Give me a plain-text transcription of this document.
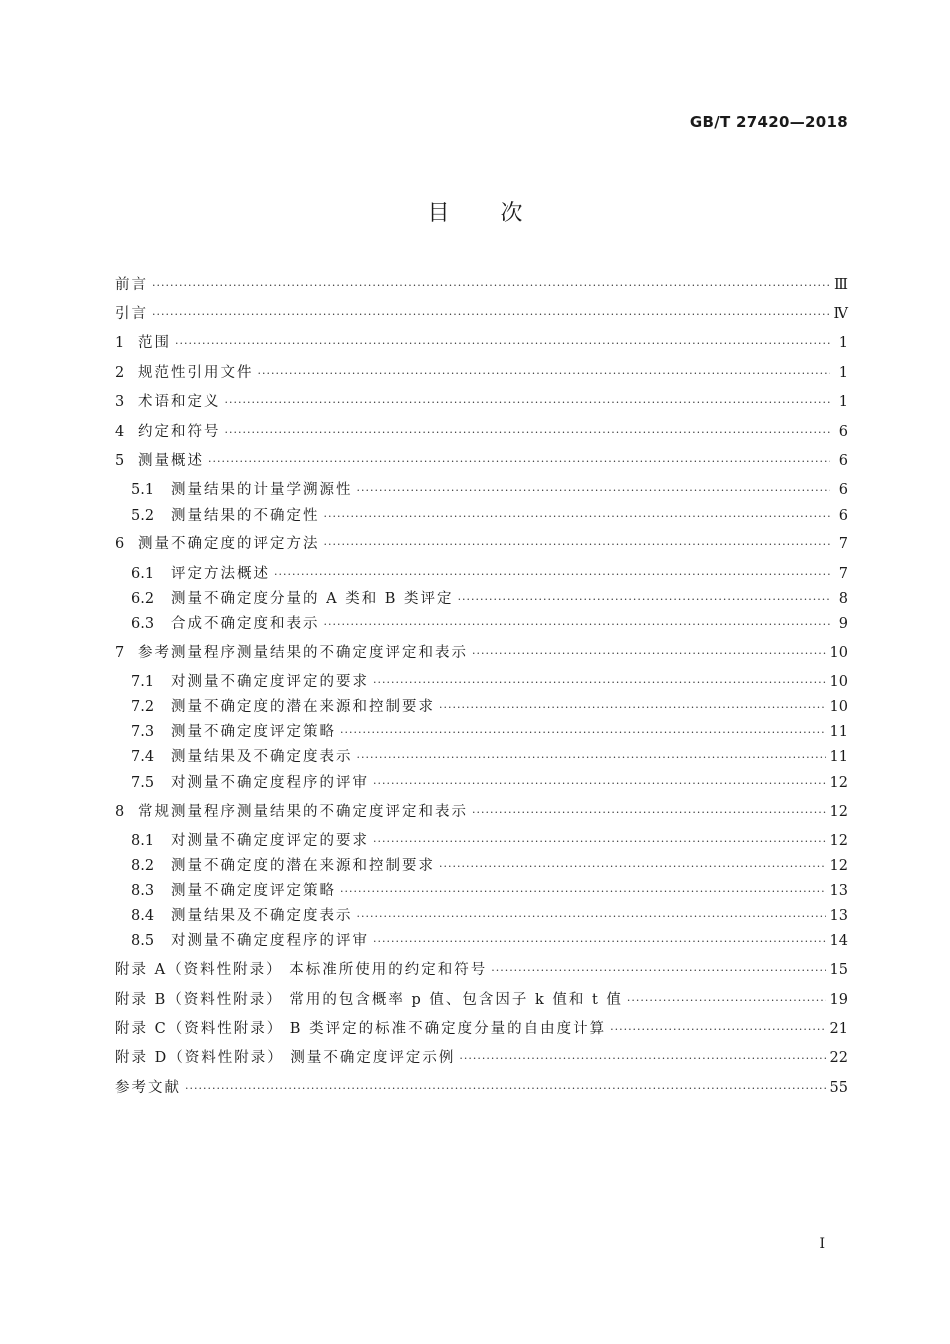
GB/T 27420—2018
目 次
前言 ·····	Ⅲ
引言 ·····	Ⅳ
1 范围 ·····	1
2 规范性引用文件 ·····	1
3 术语和定义 ·····	1
4 约定和符号 ·····	6
5 测量概述 ·····	6
5.1	测量结果的计量学溯源性 ·····	6
5.2	测量结果的不确定性 ·····	6
6 测量不确定度的评定方法 ·····	7
6.1	评定方法概述 ·····	7
6.2	测量不确定度分量的 A 类和 B 类评定 ·····	8
6.3	合成不确定度和表示 ·····	9
7 参考测量程序测量结果的不确定度评定和表示 ·····	10
7.1	对测量不确定度评定的要求 ·····	10
7.2	测量不确定度的潜在来源和控制要求 ·····	10
7.3	测量不确定度评定策略 ·····	11
7.4	测量结果及不确定度表示 ·····	11
7.5	对测量不确定度程序的评审 ·····	12
8 常规测量程序测量结果的不确定度评定和表示 ·····	12
8.1	对测量不确定度评定的要求 ·····	12
8.2	测量不确定度的潜在来源和控制要求 ·····	12
8.3	测量不确定度评定策略 ·····	13
8.4	测量结果及不确定度表示 ·····	13
8.5	对测量不确定度程序的评审 ·····	14
附录 A（资料性附录） 本标准所使用的约定和符号 ·····	15
附录 B（资料性附录） 常用的包含概率 p 值、包含因子 k 值和 t 值 ·····	19
附录 C（资料性附录） B 类评定的标准不确定度分量的自由度计算 ·····	21
附录 D（资料性附录） 测量不确定度评定示例 ·····	22
参考文献 ·····	55
I
